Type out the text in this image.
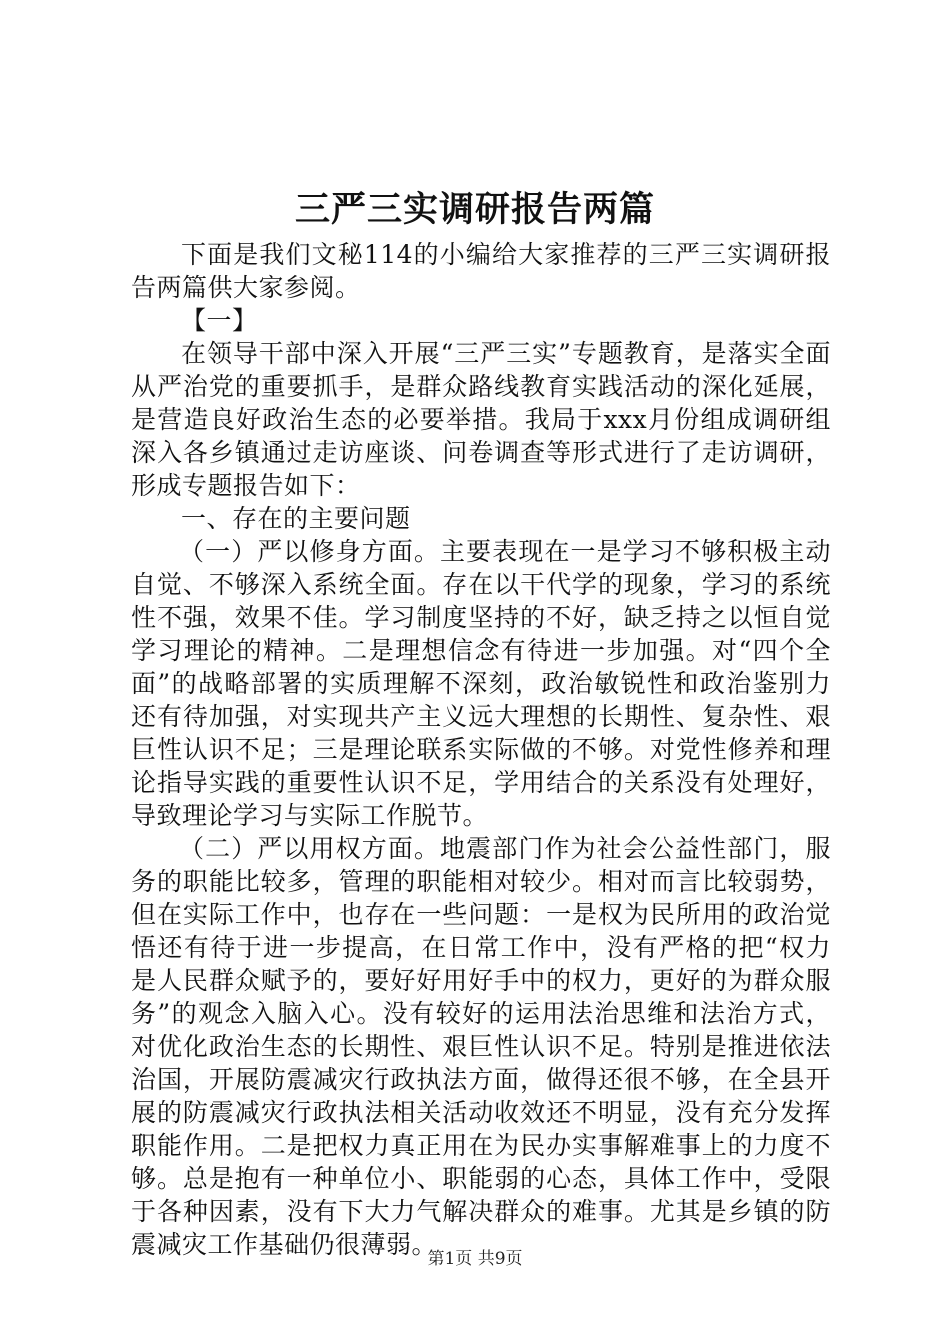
三严三实调研报告两篇

下面是我们文秘114的小编给大家推荐的三严三实调研报告两篇供大家参阅。

【一】

在领导干部中深入开展“三严三实”专题教育，是落实全面从严治党的重要抓手，是群众路线教育实践活动的深化延展，是营造良好政治生态的必要举措。我局于xxx月份组成调研组深入各乡镇通过走访座谈、问卷调查等形式进行了走访调研，形成专题报告如下：

一、存在的主要问题

（一）严以修身方面。主要表现在一是学习不够积极主动自觉、不够深入系统全面。存在以干代学的现象，学习的系统性不强，效果不佳。学习制度坚持的不好，缺乏持之以恒自觉学习理论的精神。二是理想信念有待进一步加强。对“四个全面”的战略部署的实质理解不深刻，政治敏锐性和政治鉴别力还有待加强，对实现共产主义远大理想的长期性、复杂性、艰巨性认识不足；三是理论联系实际做的不够。对党性修养和理论指导实践的重要性认识不足，学用结合的关系没有处理好，导致理论学习与实际工作脱节。

（二）严以用权方面。地震部门作为社会公益性部门，服务的职能比较多，管理的职能相对较少。相对而言比较弱势，但在实际工作中，也存在一些问题：一是权为民所用的政治觉悟还有待于进一步提高，在日常工作中，没有严格的把“权力是人民群众赋予的，要好好用好手中的权力，更好的为群众服务”的观念入脑入心。没有较好的运用法治思维和法治方式，对优化政治生态的长期性、艰巨性认识不足。特别是推进依法治国，开展防震减灾行政执法方面，做得还很不够，在全县开展的防震减灾行政执法相关活动收效还不明显，没有充分发挥职能作用。二是把权力真正用在为民办实事解难事上的力度不够。总是抱有一种单位小、职能弱的心态，具体工作中，受限于各种因素，没有下大力气解决群众的难事。尤其是乡镇的防震减灾工作基础仍很薄弱。

第1页 共9页
